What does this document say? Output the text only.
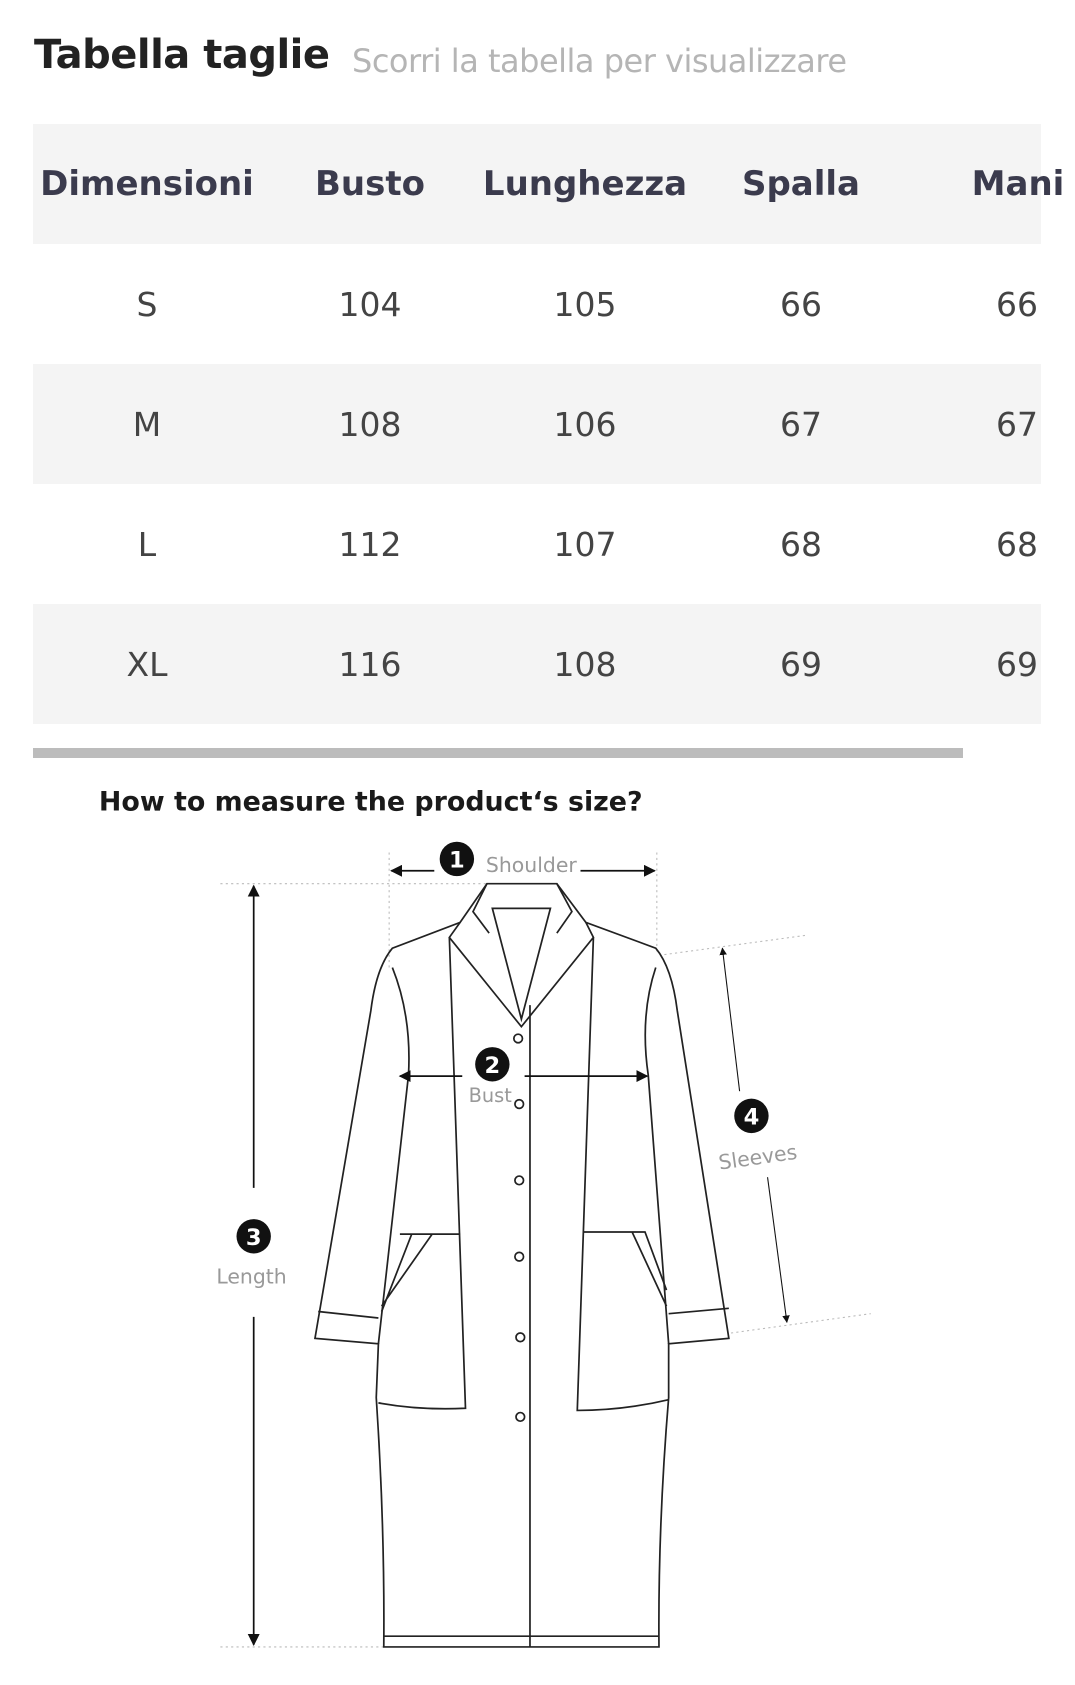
Tabella taglie Scorri la tabella per visualizzare
Dimensioni Busto Lunghezza Spalla	Mani
S	104	105	66	66
M	108	106	67	67
L	112	107	68	68
XL	116	108	69	69
How to measure the product‘s size?
1 Shoulder
2
Bust
3
Length
4
Sleeves
